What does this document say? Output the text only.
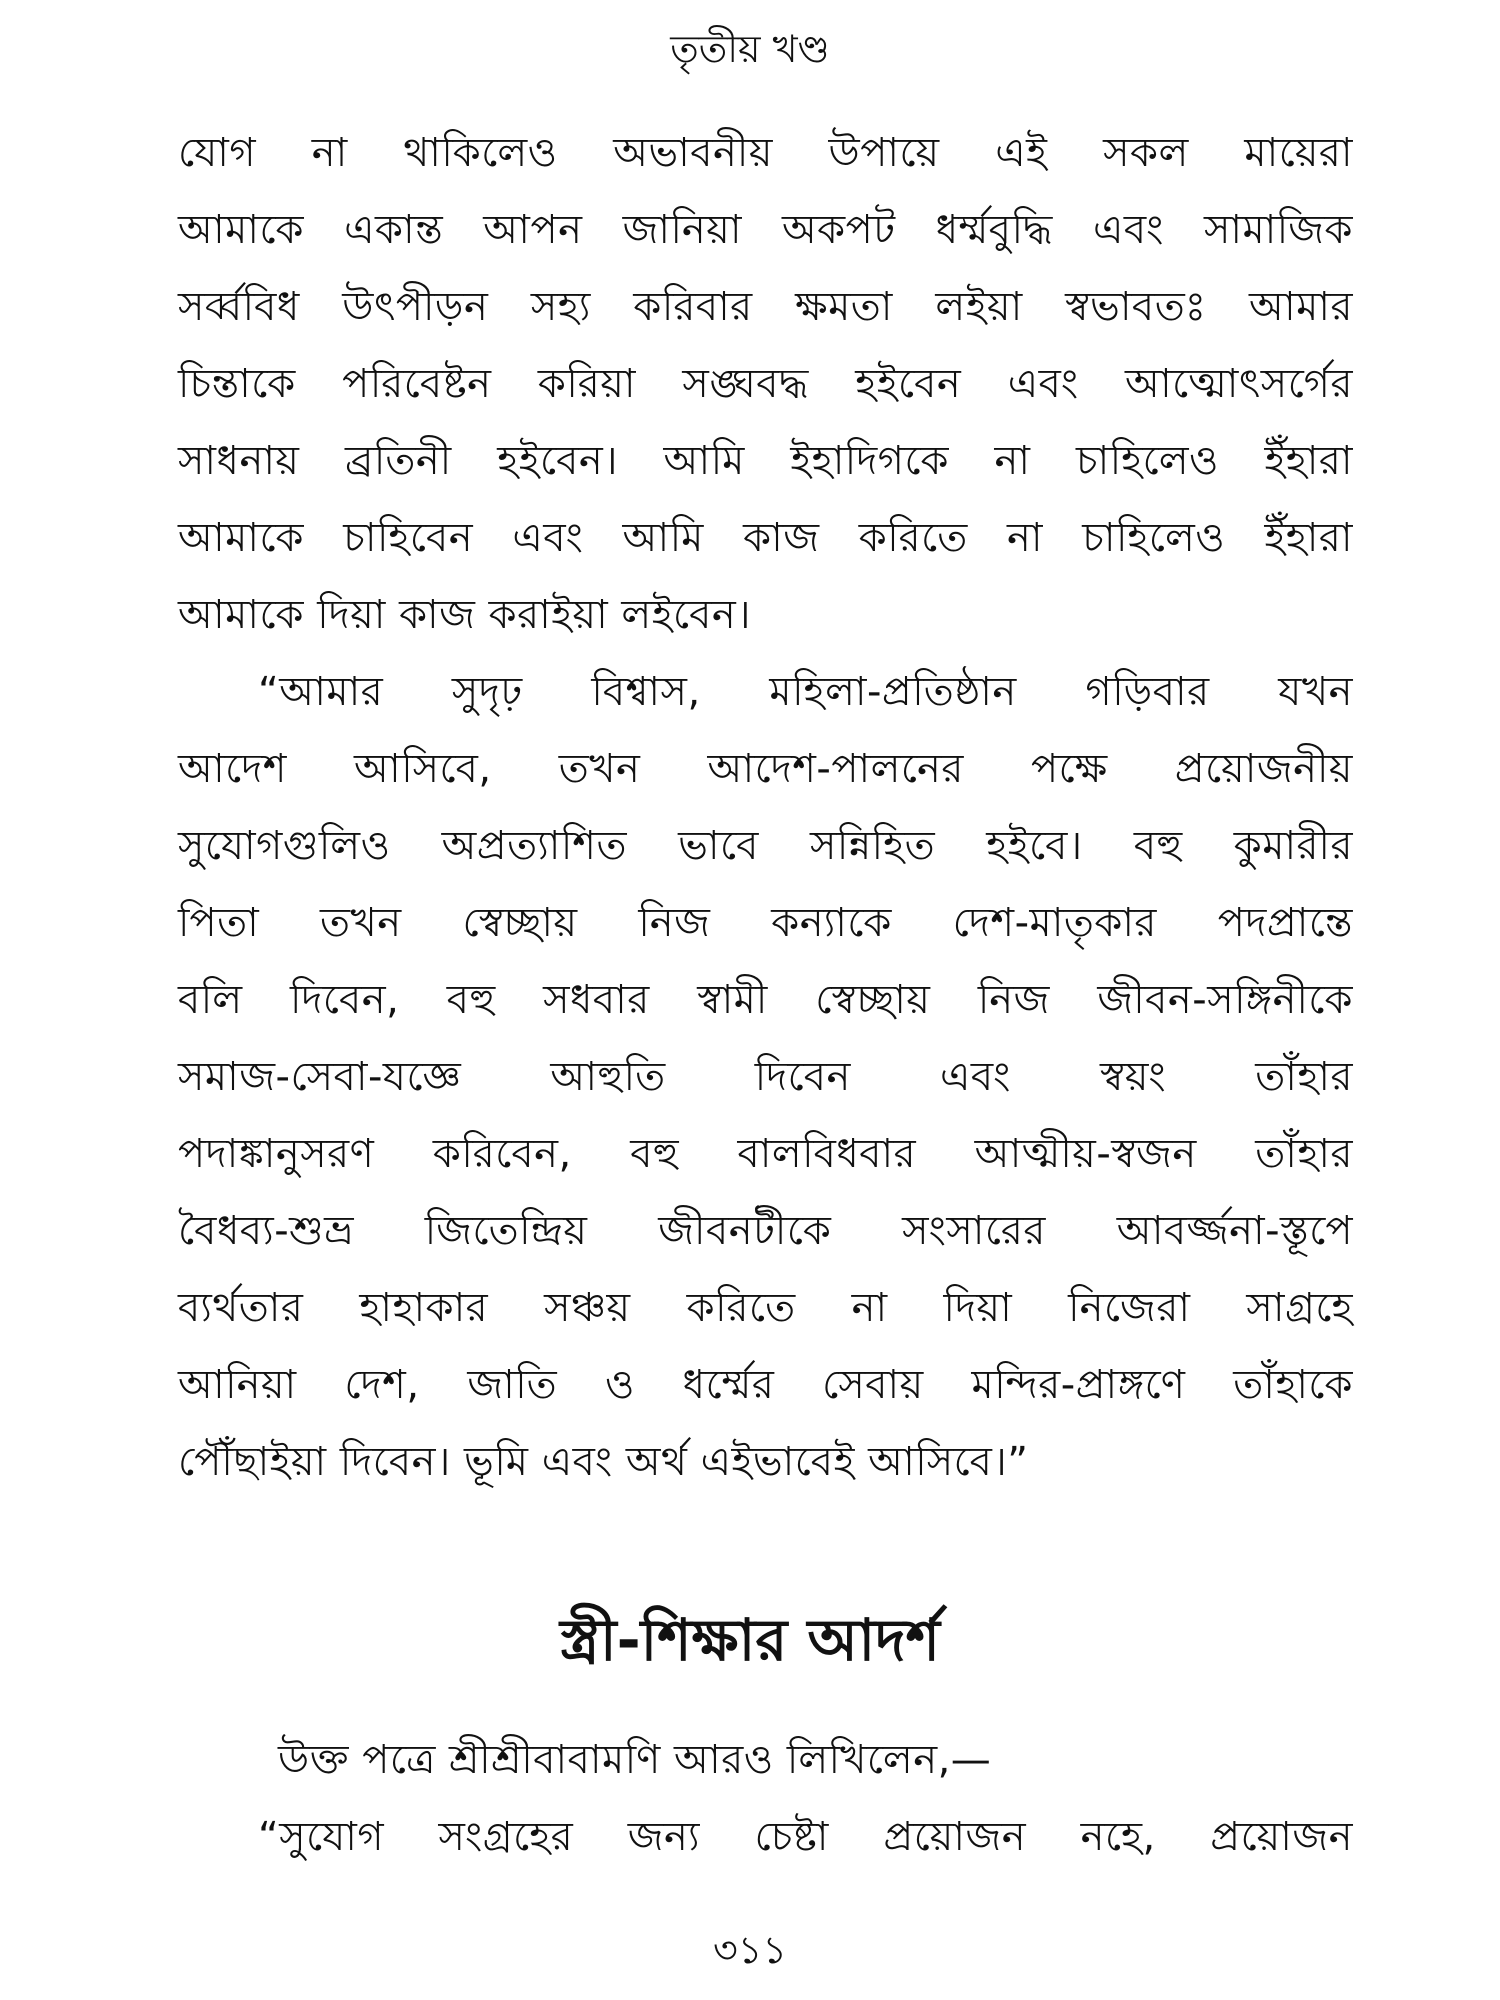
তৃতীয় খণ্ড
যোগ না থাকিলেও অভাবনীয় উপায়ে এই সকল মায়েরা
আমাকে একান্ত আপন জানিয়া অকপট ধর্ম্মবুদ্ধি এবং সামাজিক
সর্ব্ববিধ উৎপীড়ন সহ্য করিবার ক্ষমতা লইয়া স্বভাবতঃ আমার
চিন্তাকে পরিবেষ্টন করিয়া সঙ্ঘবদ্ধ হইবেন এবং আত্মোৎসর্গের
সাধনায় ব্রতিনী হইবেন। আমি ইহাদিগকে না চাহিলেও ইঁহারা
আমাকে চাহিবেন এবং আমি কাজ করিতে না চাহিলেও ইঁহারা
আমাকে দিয়া কাজ করাইয়া লইবেন।
“আমার সুদৃঢ় বিশ্বাস, মহিলা-প্রতিষ্ঠান গড়িবার যখন
আদেশ আসিবে, তখন আদেশ-পালনের পক্ষে প্রয়োজনীয়
সুযোগগুলিও অপ্রত্যাশিত ভাবে সন্নিহিত হইবে। বহু কুমারীর
পিতা তখন স্বেচ্ছায় নিজ কন্যাকে দেশ-মাতৃকার পদপ্রান্তে
বলি দিবেন, বহু সধবার স্বামী স্বেচ্ছায় নিজ জীবন-সঙ্গিনীকে
সমাজ-সেবা-যজ্ঞে আহুতি দিবেন এবং স্বয়ং তাঁহার
পদাঙ্কানুসরণ করিবেন, বহু বালবিধবার আত্মীয়-স্বজন তাঁহার
বৈধব্য-শুভ্র জিতেন্দ্রিয় জীবনটীকে সংসারের আবর্জ্জনা-স্তূপে
ব্যর্থতার হাহাকার সঞ্চয় করিতে না দিয়া নিজেরা সাগ্রহে
আনিয়া দেশ, জাতি ও ধর্ম্মের সেবায় মন্দির-প্রাঙ্গণে তাঁহাকে
পৌঁছাইয়া দিবেন। ভূমি এবং অর্থ এইভাবেই আসিবে।”
স্ত্রী-শিক্ষার আদর্শ
উক্ত পত্রে শ্রীশ্রীবাবামণি আরও লিখিলেন,—
“সুযোগ সংগ্রহের জন্য চেষ্টা প্রয়োজন নহে, প্রয়োজন
৩১১
